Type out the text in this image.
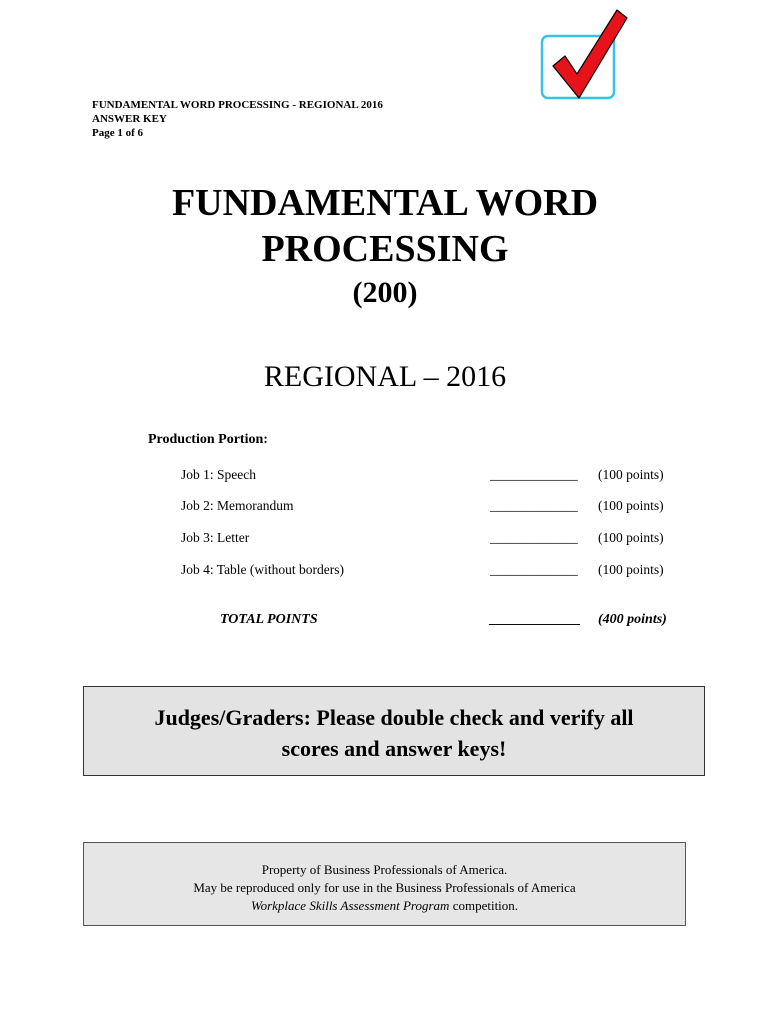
FUNDAMENTAL WORD PROCESSING - REGIONAL 2016
ANSWER KEY
Page 1 of 6
FUNDAMENTAL WORD
PROCESSING
(200)
REGIONAL – 2016
Production Portion:
Job 1: Speech	_____________ (100 points)
Job 2: Memorandum	_____________ (100 points)
Job 3: Letter	_____________ (100 points)
Job 4: Table (without borders)	_____________ (100 points)
TOTAL POINTS	_____________ (400 points)
Judges/Graders: Please double check and verify all
scores and answer keys!
Property of Business Professionals of America.
May be reproduced only for use in the Business Professionals of America
Workplace Skills Assessment Program competition.
